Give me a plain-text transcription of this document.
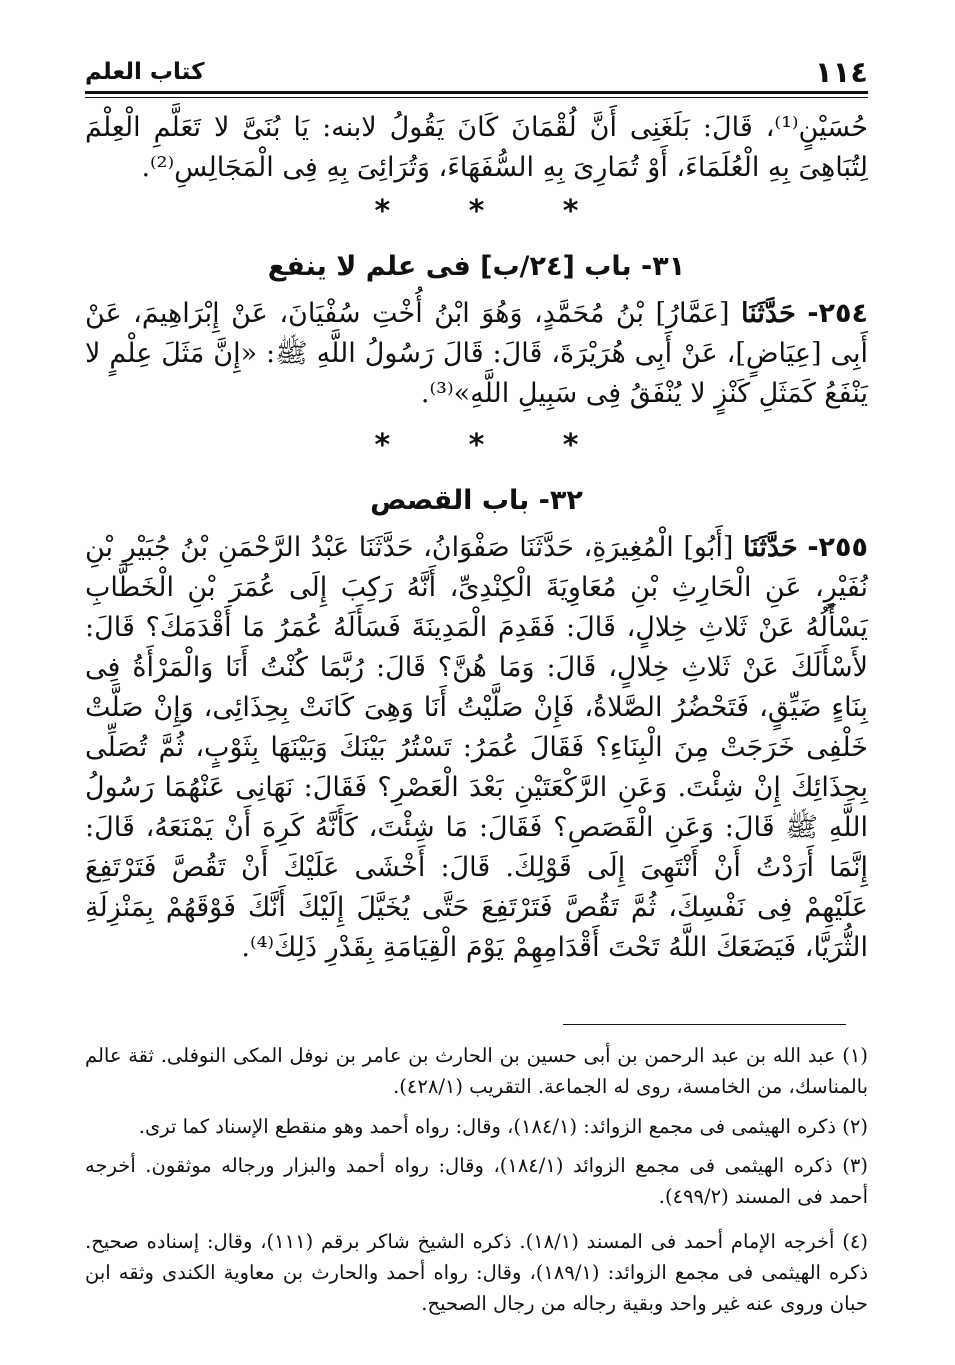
١١٤
كتاب العلم
حُسَيْنٍ⁽¹⁾، قَالَ: بَلَغَنِى أَنَّ لُقْمَانَ كَانَ يَقُولُ لابنه: يَا بُنَىَّ لا تَعَلَّمِ الْعِلْمَ لِتُبَاهِىَ بِهِ الْعُلَمَاءَ، أَوْ تُمَارِىَ بِهِ السُّفَهَاءَ، وَتُرَائِىَ بِهِ فِى الْمَجَالِسِ⁽²⁾.
* * *
٣١- باب [٢٤/ب] فى علم لا ينفع
٢٥٤- حَدَّثَنَا [عَمَّارُ] بْنُ مُحَمَّدٍ، وَهُوَ ابْنُ أُخْتِ سُفْيَانَ، عَنْ إِبْرَاهِيمَ، عَنْ أَبِى [عِيَاضٍ]، عَنْ أَبِى هُرَيْرَةَ، قَالَ: قَالَ رَسُولُ اللَّهِ ﷺ: «إِنَّ مَثَلَ عِلْمٍ لا يَنْفَعُ كَمَثَلِ كَنْزٍ لا يُنْفَقُ فِى سَبِيلِ اللَّهِ»⁽³⁾.
* * *
٣٢- باب القصص
٢٥٥- حَدَّثَنَا [أَبُو] الْمُغِيرَةِ، حَدَّثَنَا صَفْوَانُ، حَدَّثَنَا عَبْدُ الرَّحْمَنِ بْنُ جُبَيْرِ بْنِ نُفَيْرٍ، عَنِ الْحَارِثِ بْنِ مُعَاوِيَةَ الْكِنْدِىِّ، أَنَّهُ رَكِبَ إِلَى عُمَرَ بْنِ الْخَطَّابِ يَسْأَلُهُ عَنْ ثَلاثِ خِلالٍ، قَالَ: فَقَدِمَ الْمَدِينَةَ فَسَأَلَهُ عُمَرُ مَا أَقْدَمَكَ؟ قَالَ: لأَسْأَلَكَ عَنْ ثَلاثِ خِلالٍ، قَالَ: وَمَا هُنَّ؟ قَالَ: رُبَّمَا كُنْتُ أَنَا وَالْمَرْأَةُ فِى بِنَاءٍ ضَيِّقٍ، فَتَحْضُرُ الصَّلاةُ، فَإِنْ صَلَّيْتُ أَنَا وَهِىَ كَانَتْ بِحِذَائِى، وَإِنْ صَلَّتْ خَلْفِى خَرَجَتْ مِنَ الْبِنَاءِ؟ فَقَالَ عُمَرُ: تَسْتُرُ بَيْنَكَ وَبَيْنَهَا بِثَوْبٍ، ثُمَّ تُصَلِّى بِحِذَائِكَ إِنْ شِئْتَ. وَعَنِ الرَّكْعَتَيْنِ بَعْدَ الْعَصْرِ؟ فَقَالَ: نَهَانِى عَنْهُمَا رَسُولُ اللَّهِ ﷺ قَالَ: وَعَنِ الْقَصَصِ؟ فَقَالَ: مَا شِئْتَ، كَأَنَّهُ كَرِهَ أَنْ يَمْنَعَهُ، قَالَ: إِنَّمَا أَرَدْتُ أَنْ أَنْتَهِىَ إِلَى قَوْلِكَ. قَالَ: أَخْشَى عَلَيْكَ أَنْ تَقُصَّ فَتَرْتَفِعَ عَلَيْهِمْ فِى نَفْسِكَ، ثُمَّ تَقُصَّ فَتَرْتَفِعَ حَتَّى يُخَيَّلَ إِلَيْكَ أَنَّكَ فَوْقَهُمْ بِمَنْزِلَةِ الثُّرَيَّا، فَيَضَعَكَ اللَّهُ تَحْتَ أَقْدَامِهِمْ يَوْمَ الْقِيَامَةِ بِقَدْرِ ذَلِكَ⁽⁴⁾.
(١) عبد الله بن عبد الرحمن بن أبى حسين بن الحارث بن عامر بن نوفل المكى النوفلى. ثقة عالم بالمناسك، من الخامسة، روى له الجماعة. التقريب (٤٢٨/١).
(٢) ذكره الهيثمى فى مجمع الزوائد: (١٨٤/١)، وقال: رواه أحمد وهو منقطع الإسناد كما ترى.
(٣) ذكره الهيثمى فى مجمع الزوائد (١٨٤/١)، وقال: رواه أحمد والبزار ورجاله موثقون. أخرجه أحمد فى المسند (٤٩٩/٢).
(٤) أخرجه الإمام أحمد فى المسند (١٨/١). ذكره الشيخ شاكر برقم (١١١)، وقال: إسناده صحيح. ذكره الهيثمى فى مجمع الزوائد: (١٨٩/١)، وقال: رواه أحمد والحارث بن معاوية الكندى وثقه ابن حبان وروى عنه غير واحد وبقية رجاله من رجال الصحيح.
